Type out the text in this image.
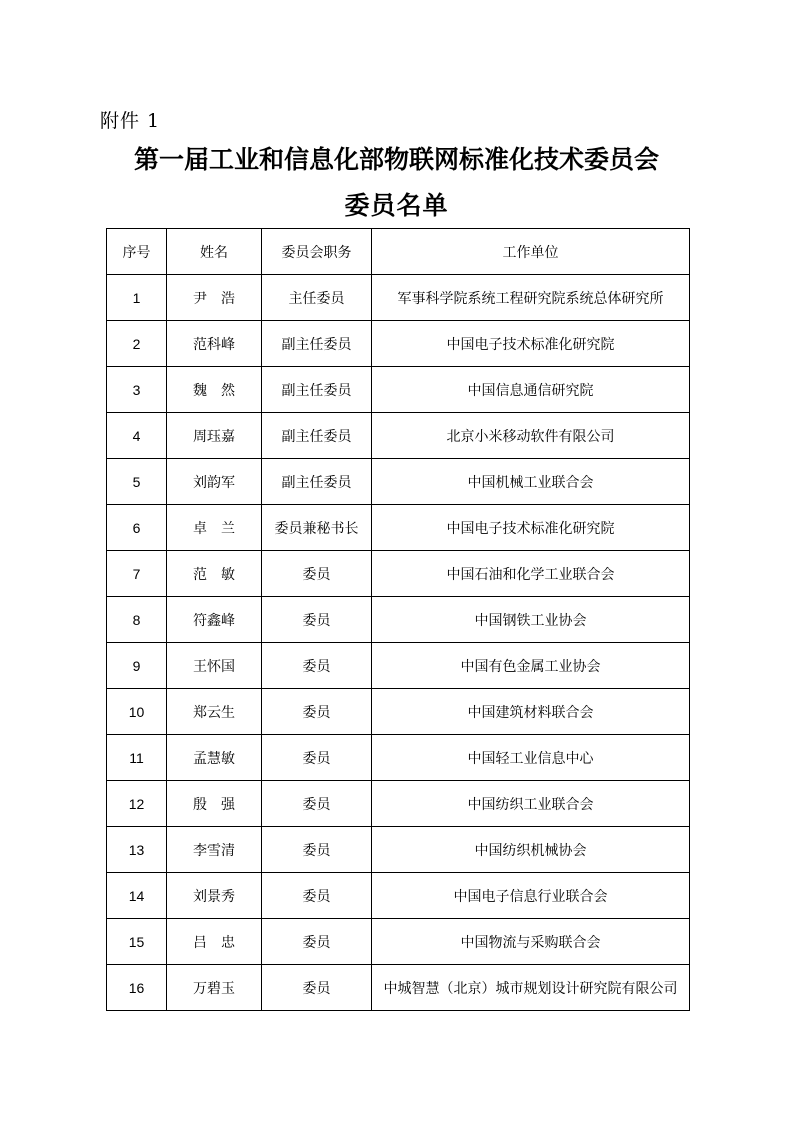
附件 1
第一届工业和信息化部物联网标准化技术委员会
委员名单
序号	姓名	委员会职务	工作单位
1	尹　浩	主任委员	军事科学院系统工程研究院系统总体研究所
2	范科峰	副主任委员	中国电子技术标准化研究院
3	魏　然	副主任委员	中国信息通信研究院
4	周珏嘉	副主任委员	北京小米移动软件有限公司
5	刘韵军	副主任委员	中国机械工业联合会
6	卓　兰	委员兼秘书长	中国电子技术标准化研究院
7	范　敏	委员	中国石油和化学工业联合会
8	符鑫峰	委员	中国钢铁工业协会
9	王怀国	委员	中国有色金属工业协会
10	郑云生	委员	中国建筑材料联合会
11	孟慧敏	委员	中国轻工业信息中心
12	殷　强	委员	中国纺织工业联合会
13	李雪清	委员	中国纺织机械协会
14	刘景秀	委员	中国电子信息行业联合会
15	吕　忠	委员	中国物流与采购联合会
16	万碧玉	委员	中城智慧（北京）城市规划设计研究院有限公司
